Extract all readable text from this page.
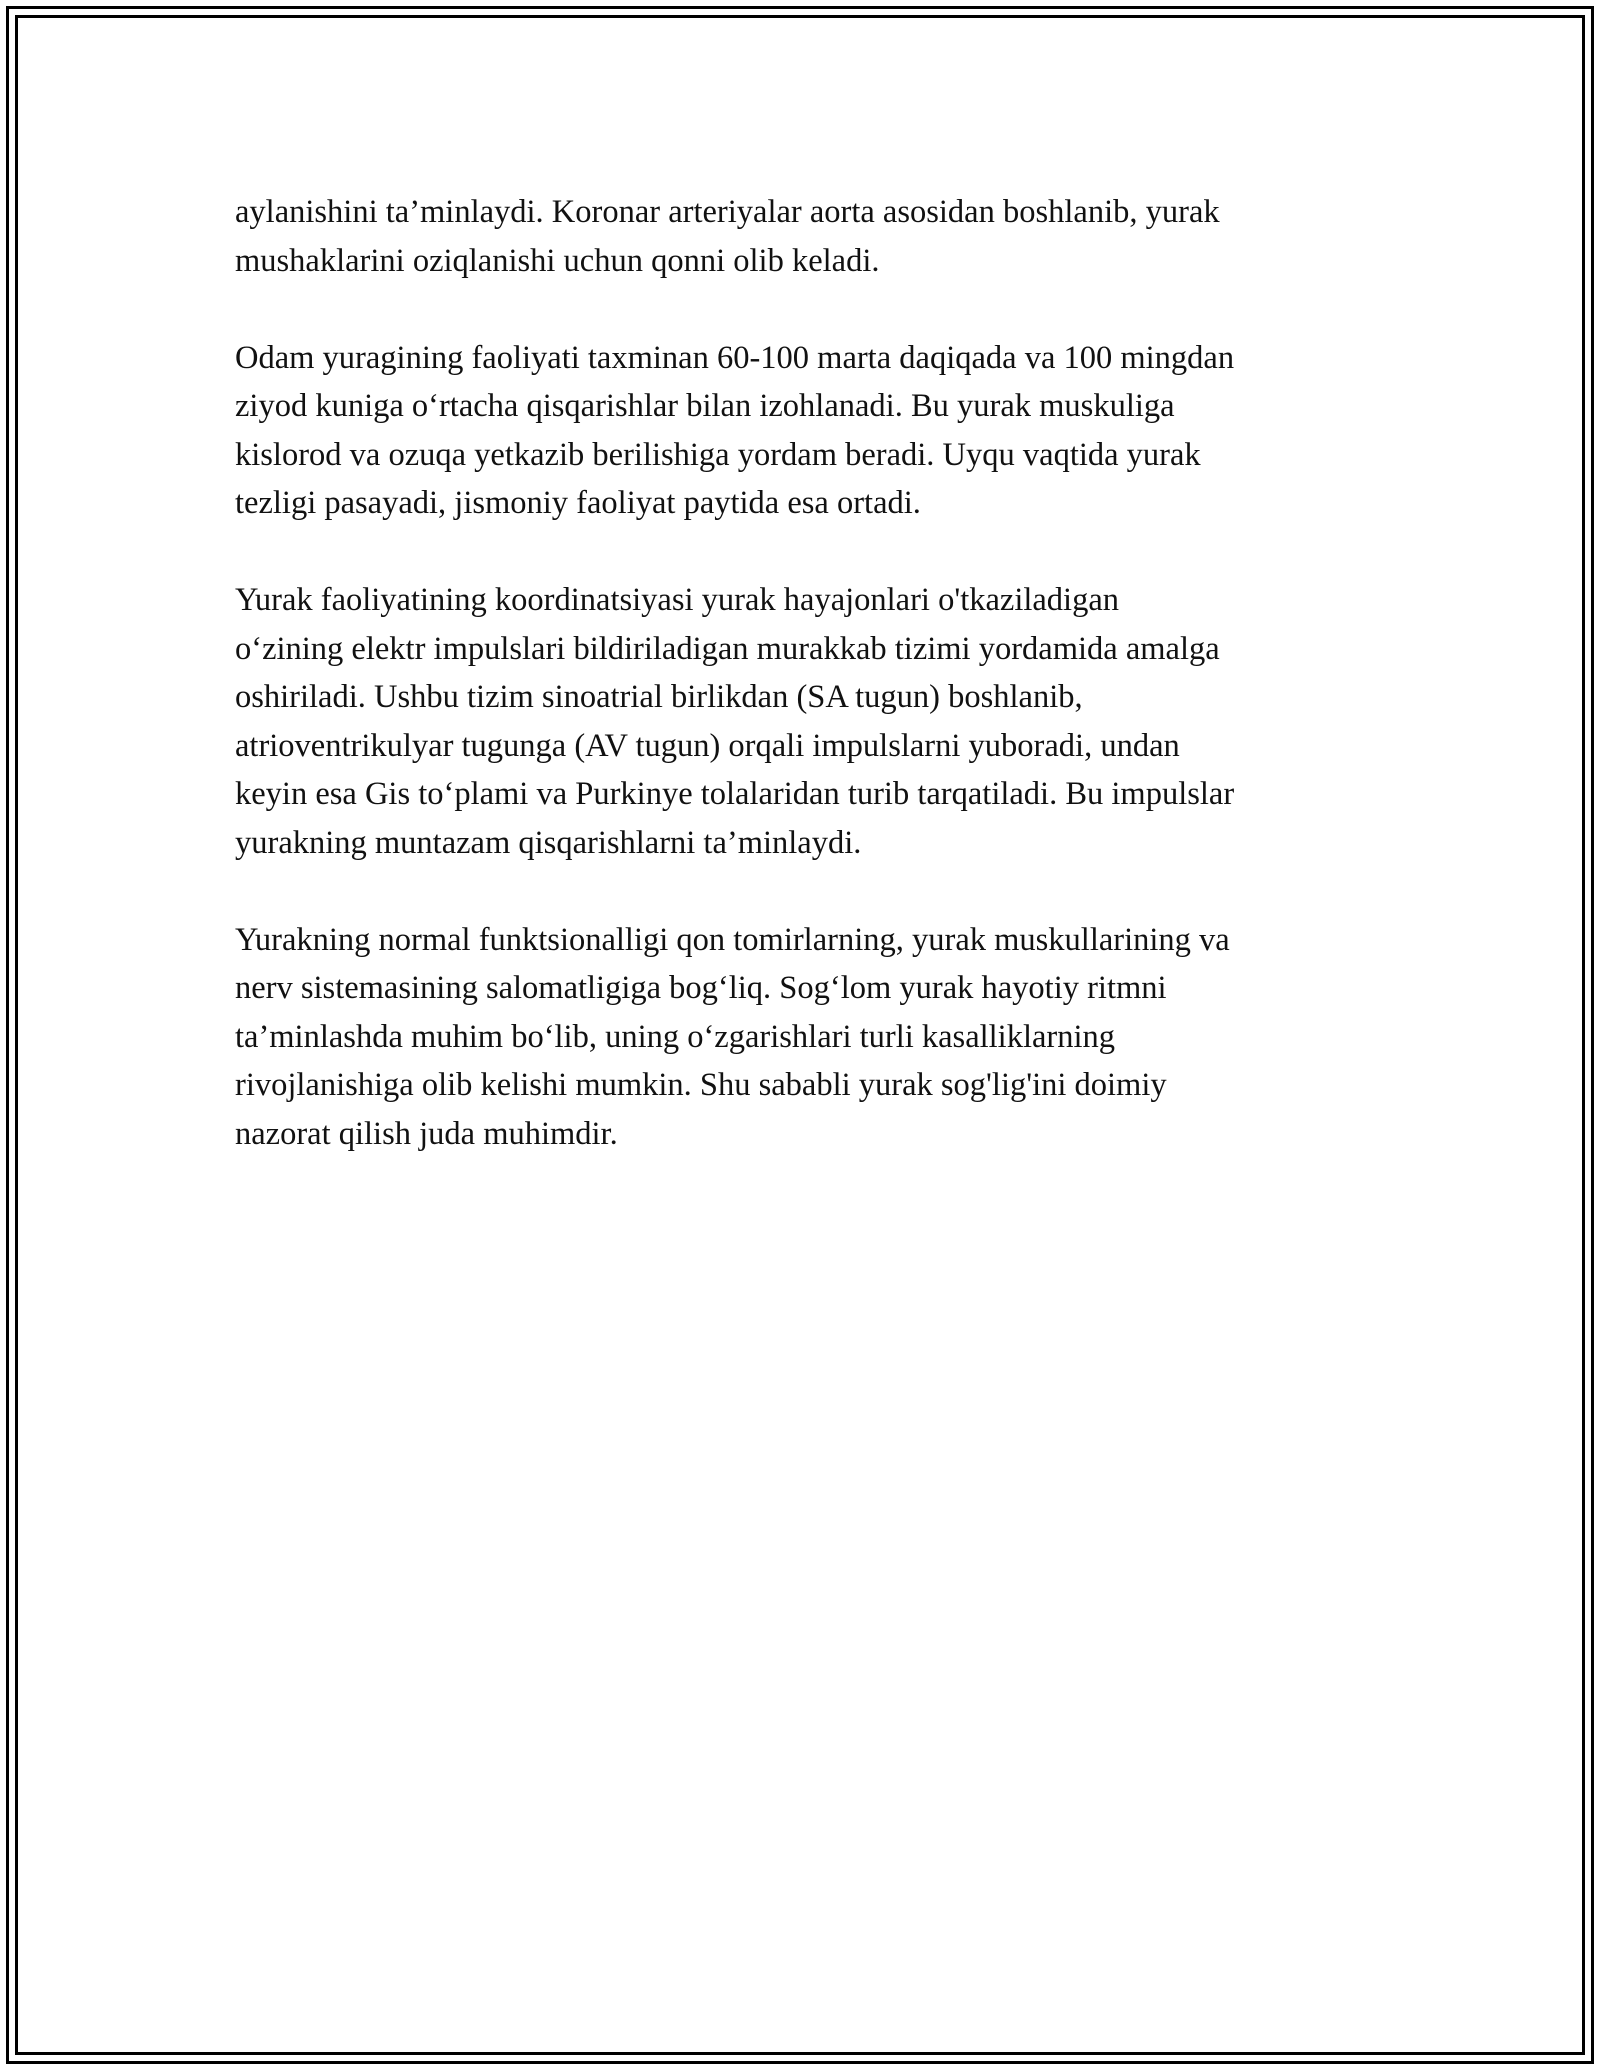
aylanishini ta’minlaydi. Koronar arteriyalar aorta asosidan boshlanib, yurak
mushaklarini oziqlanishi uchun qonni olib keladi.

Odam yuragining faoliyati taxminan 60-100 marta daqiqada va 100 mingdan
ziyod kuniga o‘rtacha qisqarishlar bilan izohlanadi. Bu yurak muskuliga
kislorod va ozuqa yetkazib berilishiga yordam beradi. Uyqu vaqtida yurak
tezligi pasayadi, jismoniy faoliyat paytida esa ortadi.

Yurak faoliyatining koordinatsiyasi yurak hayajonlari o'tkaziladigan
o‘zining elektr impulslari bildiriladigan murakkab tizimi yordamida amalga
oshiriladi. Ushbu tizim sinoatrial birlikdan (SA tugun) boshlanib,
atrioventrikulyar tugunga (AV tugun) orqali impulslarni yuboradi, undan
keyin esa Gis to‘plami va Purkinye tolalaridan turib tarqatiladi. Bu impulslar
yurakning muntazam qisqarishlarni ta’minlaydi.

Yurakning normal funktsionalligi qon tomirlarning, yurak muskullarining va
nerv sistemasining salomatligiga bog‘liq. Sog‘lom yurak hayotiy ritmni
ta’minlashda muhim bo‘lib, uning o‘zgarishlari turli kasalliklarning
rivojlanishiga olib kelishi mumkin. Shu sababli yurak sog'lig'ini doimiy
nazorat qilish juda muhimdir.
